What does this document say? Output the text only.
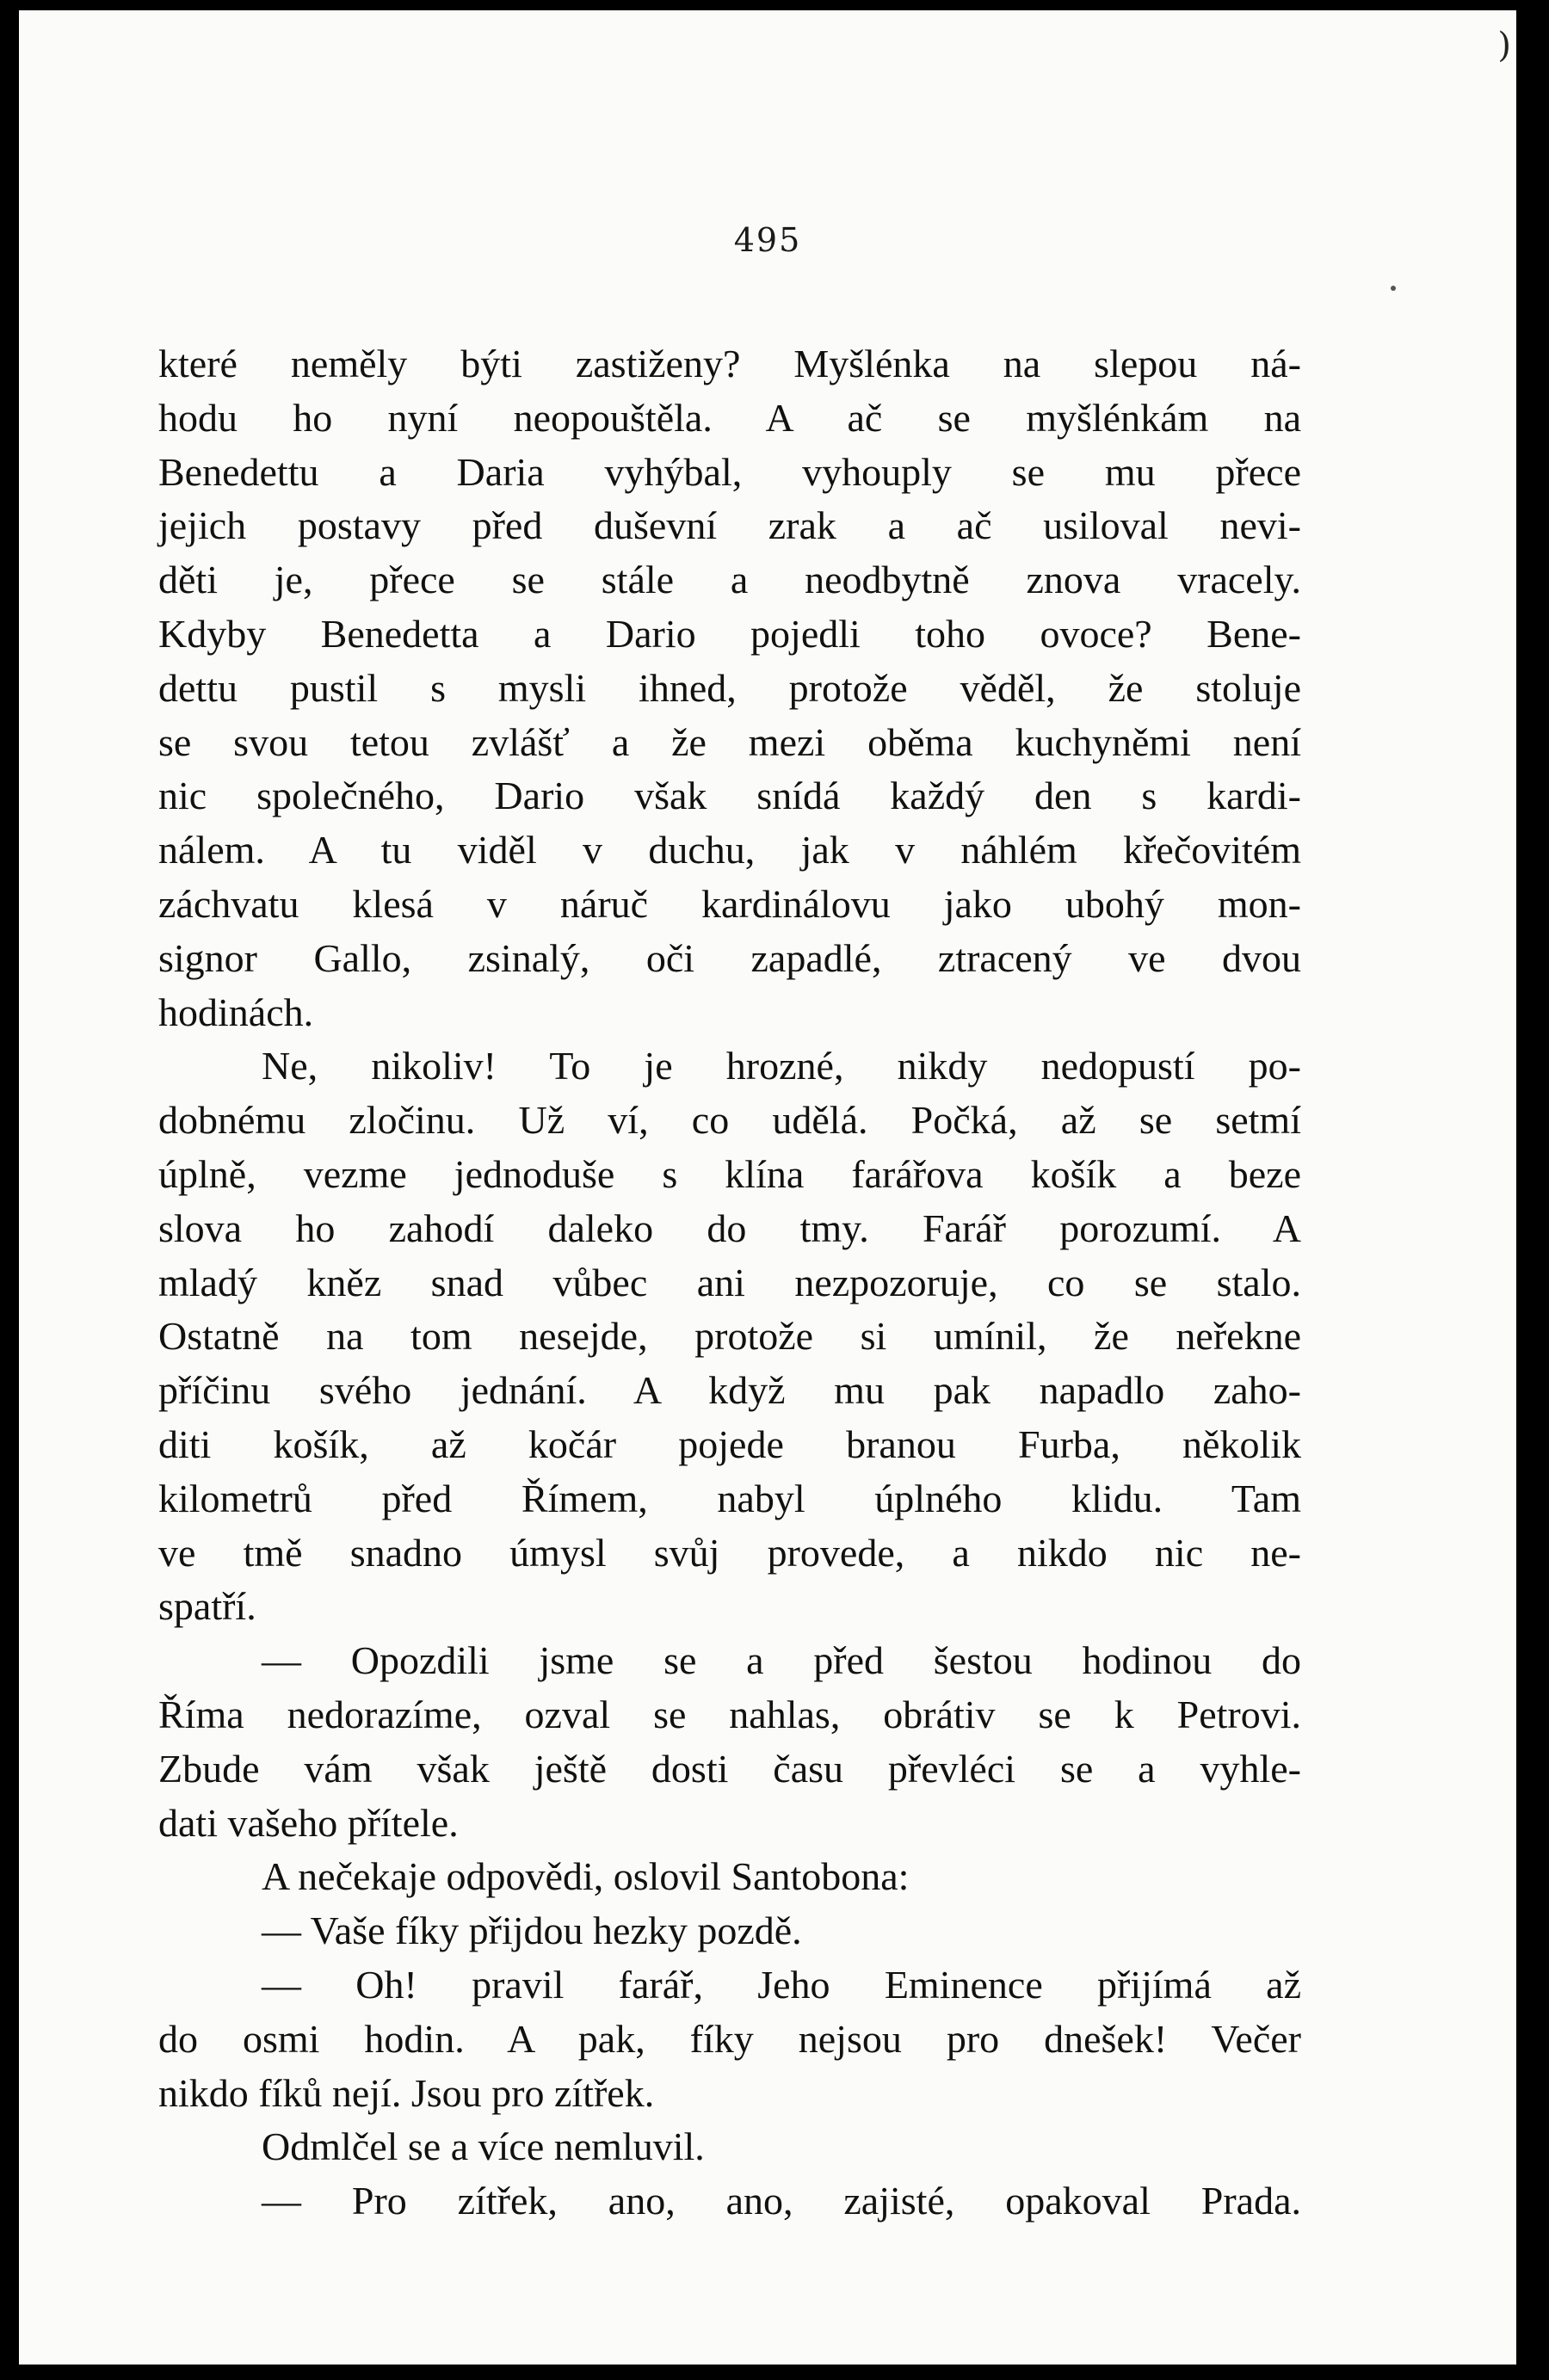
)
495
které neměly býti zastiženy? Myšlénka na slepou ná-
hodu ho nyní neopouštěla. A ač se myšlénkám na
Benedettu a Daria vyhýbal, vyhouply se mu přece
jejich postavy před duševní zrak a ač usiloval nevi-
děti je, přece se stále a neodbytně znova vracely.
Kdyby Benedetta a Dario pojedli toho ovoce? Bene-
dettu pustil s mysli ihned, protože věděl, že stoluje
se svou tetou zvlášť a že mezi oběma kuchyněmi není
nic společného, Dario však snídá každý den s kardi-
nálem. A tu viděl v duchu, jak v náhlém křečovitém
záchvatu klesá v náruč kardinálovu jako ubohý mon-
signor Gallo, zsinalý, oči zapadlé, ztracený ve dvou
hodinách.
Ne, nikoliv! To je hrozné, nikdy nedopustí po-
dobnému zločinu. Už ví, co udělá. Počká, až se setmí
úplně, vezme jednoduše s klína farářova košík a beze
slova ho zahodí daleko do tmy. Farář porozumí. A
mladý kněz snad vůbec ani nezpozoruje, co se stalo.
Ostatně na tom nesejde, protože si umínil, že neřekne
příčinu svého jednání. A když mu pak napadlo zaho-
diti košík, až kočár pojede branou Furba, několik
kilometrů před Římem, nabyl úplného klidu. Tam
ve tmě snadno úmysl svůj provede, a nikdo nic ne-
spatří.
— Opozdili jsme se a před šestou hodinou do
Říma nedorazíme, ozval se nahlas, obrátiv se k Petrovi.
Zbude vám však ještě dosti času převléci se a vyhle-
dati vašeho přítele.
A nečekaje odpovědi, oslovil Santobona:
— Vaše fíky přijdou hezky pozdě.
— Oh! pravil farář, Jeho Eminence přijímá až
do osmi hodin. A pak, fíky nejsou pro dnešek! Večer
nikdo fíků nejí. Jsou pro zítřek.
Odmlčel se a více nemluvil.
— Pro zítřek, ano, ano, zajisté, opakoval Prada.
